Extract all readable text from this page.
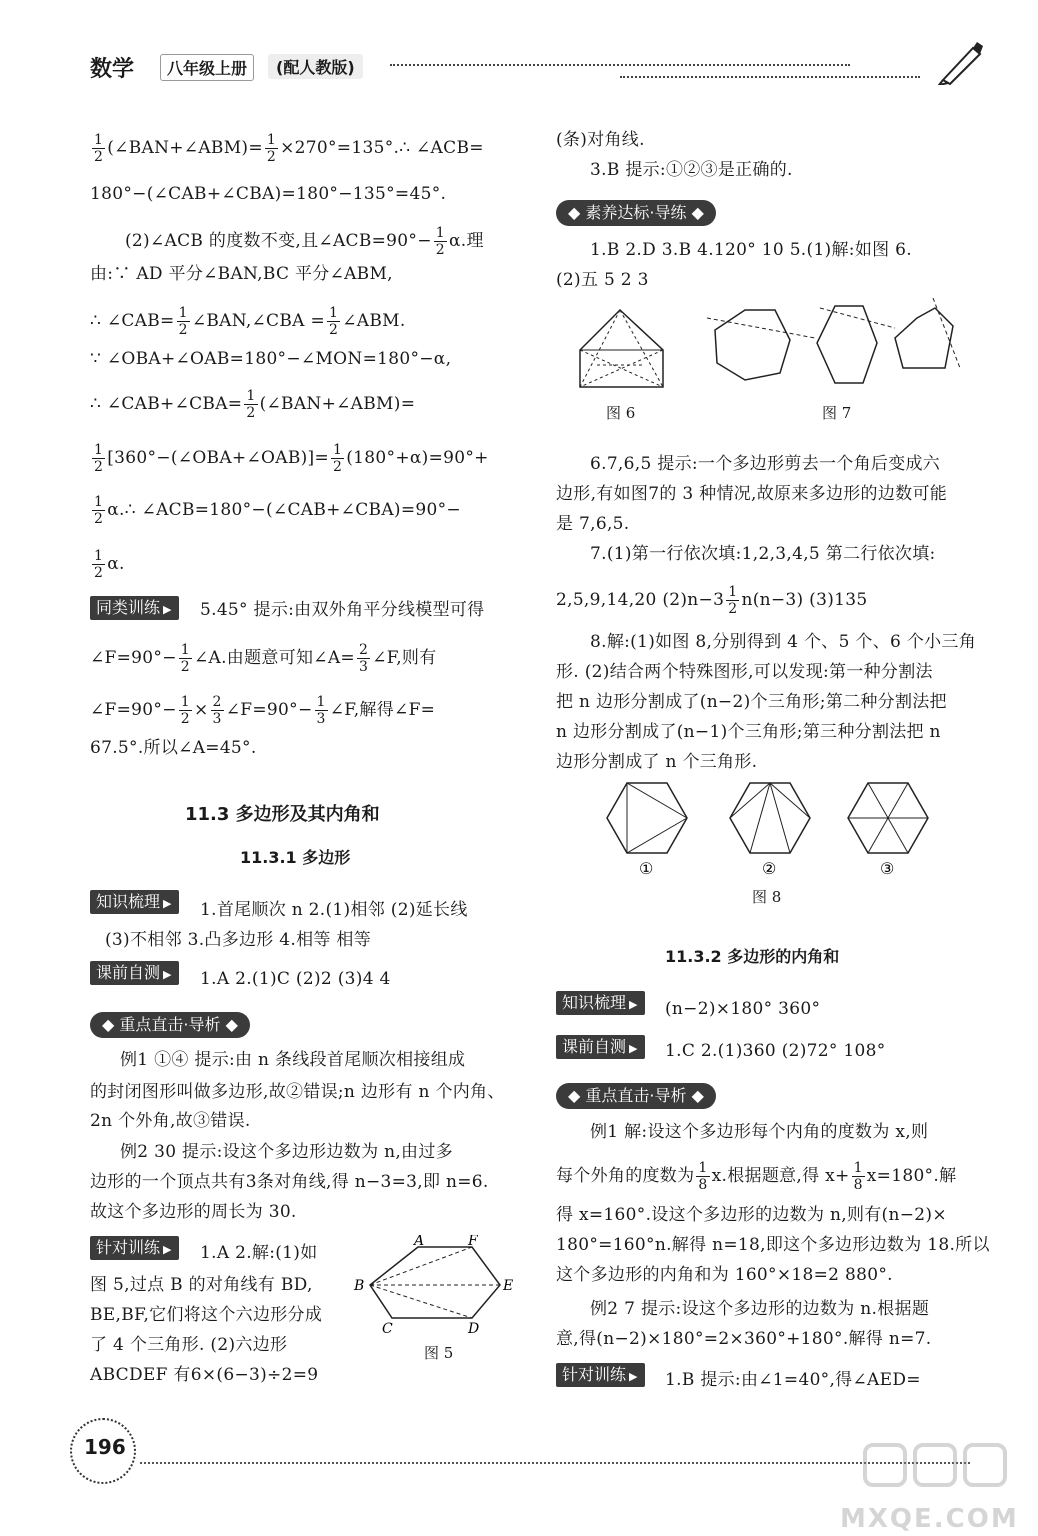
数学	八年级上册	(配人教版)
$\frac{1}{2}$ (∠BAN+∠ABM)= $\frac{1}{2}$ ×270°=135°.∴ ∠ACB=
180°−(∠CAB+∠CBA)=180°−135°=45°.
(2)∠ACB 的度数不变,且∠ACB=90°− $\frac{1}{2} \alpha$.理
由:∵ AD 平分∠BAN,BC 平分∠ABM,
∴ ∠CAB= $\frac{1}{2}$ ∠BAN,∠CBA = $\frac{1}{2}$ ∠ABM.
∵ ∠OBA+∠OAB=180°−∠MON=180°−α,
∴ ∠CAB+∠CBA= $\frac{1}{2}$ (∠BAN+∠ABM)=
$\frac{1}{2}$ [360°−(∠OBA+∠OAB)]= $\frac{1}{2} (180^\circ+\alpha)=90^\circ+$
$\frac{1}{2}$ α.∴ ∠ACB=180°−(∠CAB+∠CBA)=90°−
$\frac{1}{2} \alpha$.
同类训练 ▶	5.45° 提示:由双外角平分线模型可得
∠F=90°− $\frac{1}{2}$ ∠A.由题意可知∠A= $\frac{2}{3}$ ∠F,则有
∠F=90°− $\frac{1}{2} \times \frac{2}{3}$ ∠F=90°− $\frac{1}{3}$ ∠F,解得∠F=
67.5°.所以∠A=45°.
11.3 多边形及其内角和
11.3.1 多边形
知识梳理 ▶	1.首尾顺次 n 2.(1)相邻 (2)延长线
(3)不相邻 3.凸多边形 4.相等 相等
课前自测 ▶	1.A 2.(1)C (2)2 (3)4 4
◆ 重点直击·导析 ◆
例1 ①④ 提示:由 n 条线段首尾顺次相接组成
的封闭图形叫做多边形,故②错误;n 边形有 n 个内角、
2n 个外角,故③错误.
例2 30 提示:设这个多边形边数为 n,由过多
边形的一个顶点共有3条对角线,得 n−3=3,即 n=6.
故这个多边形的周长为 30.
针对训练 ▶	1.A 2.解:(1)如
图 5,过点 B 的对角线有 BD,
BE,BF,它们将这个六边形分成
了 4 个三角形. (2)六边形
ABCDEF 有6×(6−3)÷2=9
A	F
B	E
C	D
图 5
196
(条)对角线.
3.B 提示:①②③是正确的.
◆ 素养达标·导练 ◆
1.B 2.D 3.B 4.120° 10 5.(1)解:如图 6.
(2)五 5 2 3
图 6	图 7
6.7,6,5 提示:一个多边形剪去一个角后变成六
边形,有如图7的 3 种情况,故原来多边形的边数可能
是 7,6,5.
7.(1)第一行依次填:1,2,3,4,5 第二行依次填:
2,5,9,14,20 $(2)n-3 \frac{1}{2} n(n-3)$ (3)135
8.解:(1)如图 8,分别得到 4 个、5 个、6 个小三角
形. (2)结合两个特殊图形,可以发现:第一种分割法
把 n 边形分割成了(n−2)个三角形;第二种分割法把
n 边形分割成了(n−1)个三角形;第三种分割法把 n
边形分割成了 n 个三角形.
①	②	③
图 8
11.3.2 多边形的内角和
知识梳理 ▶	(n−2)×180° 360°
课前自测 ▶	1.C 2.(1)360 (2)72° 108°
◆ 重点直击·导析 ◆
例1 解:设这个多边形每个内角的度数为 x,则
每个外角的度数为 $\frac{1}{8} x$.根据题意,得 $x+ \frac{1}{8} x=180^\circ$.解
得 x=160°.设这个多边形的边数为 n,则有(n−2)×
180°=160°n.解得 n=18,即这个多边形边数为 18.所以
这个多边形的内角和为 160°×18=2 880°.
例2 7 提示:设这个多边形的边数为 n.根据题
意,得(n−2)×180°=2×360°+180°.解得 n=7.
针对训练 ▶	1.B 提示:由∠1=40°,得∠AED=
MXQE.COM
